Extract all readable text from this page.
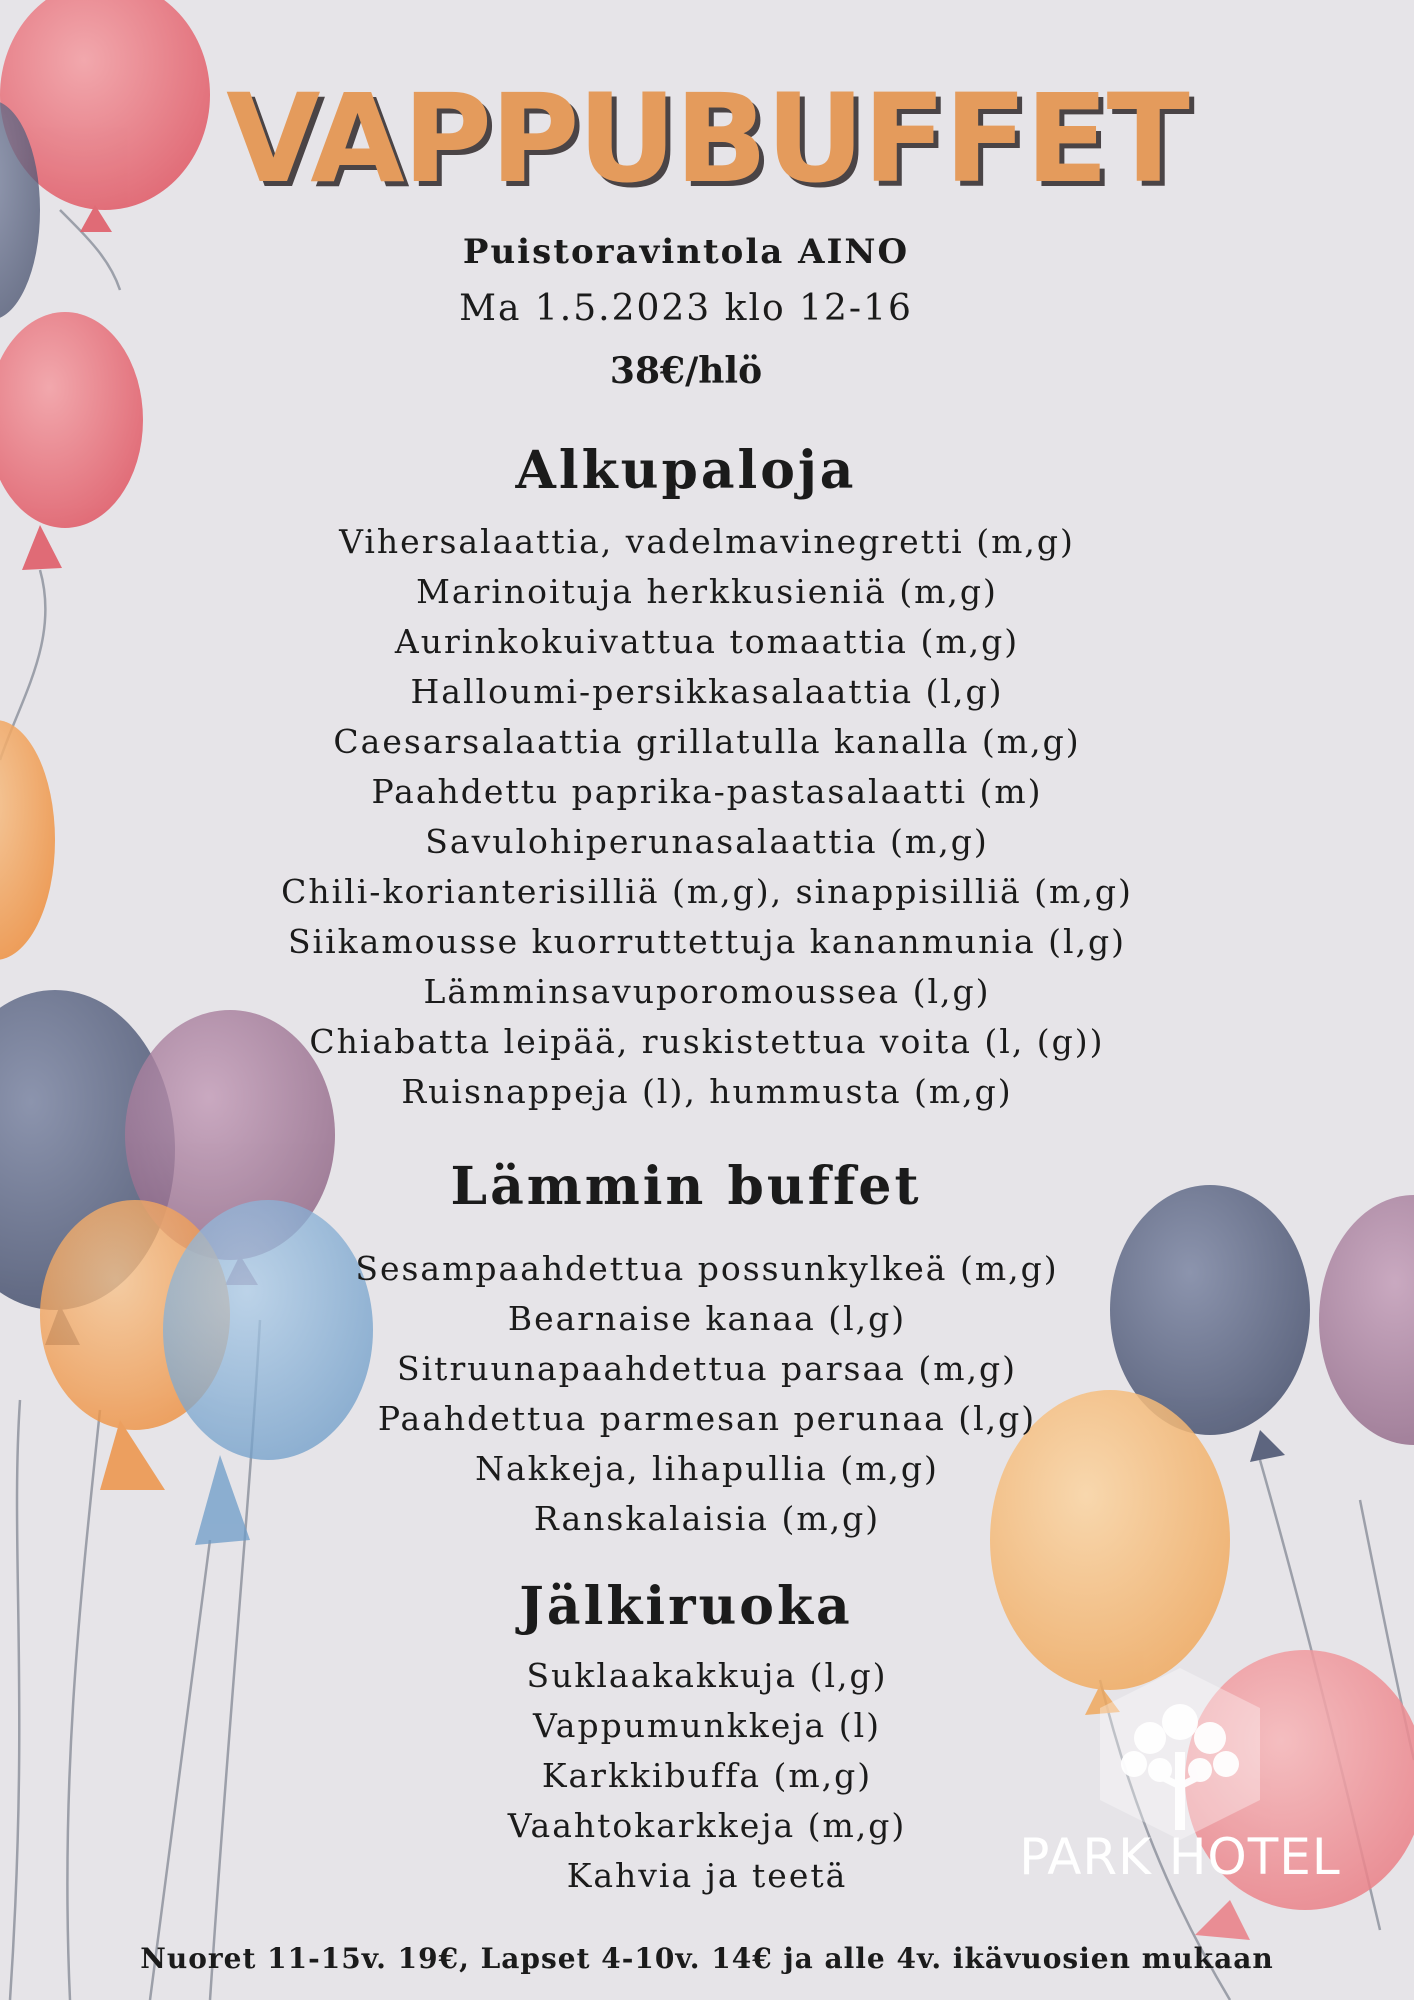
VAPPUBUFFET
Puistoravintola AINO
Ma 1.5.2023 klo 12-16
38€/hlö
Alkupaloja
Vihersalaattia, vadelmavinegretti (m,g)
Marinoituja herkkusieniä (m,g)
Aurinkokuivattua tomaattia (m,g)
Halloumi-persikkasalaattia (l,g)
Caesarsalaattia grillatulla kanalla (m,g)
Paahdettu paprika-pastasalaatti (m)
Savulohiperunasalaattia (m,g)
Chili-korianterisilliä (m,g), sinappisilliä (m,g)
Siikamousse kuorruttettuja kananmunia (l,g)
Lämminsavuporomoussea (l,g)
Chiabatta leipää, ruskistettua voita (l, (g))
Ruisnappeja (l), hummusta (m,g)
Lämmin buffet
Sesampaahdettua possunkylkeä (m,g)
Bearnaise kanaa (l,g)
Sitruunapaahdettua parsaa (m,g)
Paahdettua parmesan perunaa (l,g)
Nakkeja, lihapullia (m,g)
Ranskalaisia (m,g)
Jälkiruoka
Suklaakakkuja (l,g)
Vappumunkkeja (l)
Karkkibuffa (m,g)
Vaahtokarkkeja (m,g)
Kahvia ja teetä	PARK HOTEL
Nuoret 11-15v. 19€, Lapset 4-10v. 14€ ja alle 4v. ikävuosien mukaan
